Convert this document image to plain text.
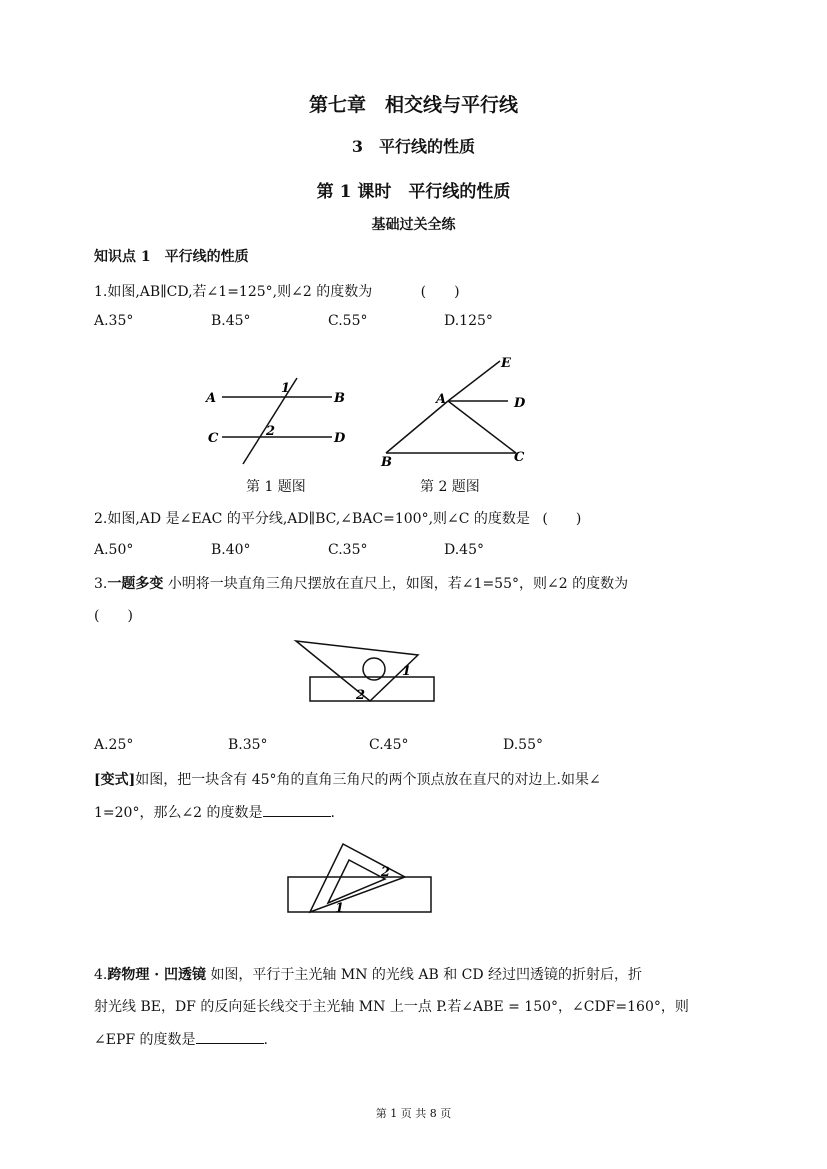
第七章　相交线与平行线
3　平行线的性质
第 1 课时　平行线的性质
基础过关全练
知识点 1　平行线的性质
1.如图,AB∥CD,若∠1=125°,则∠2 的度数为	(　　)
A.35°	B.45°	C.55°	D.125°
A	B
C	D
1
2
第 1 题图
E
A	D
B	C
第 2 题图
2.如图,AD 是∠EAC 的平分线,AD∥BC,∠BAC=100°,则∠C 的度数是 (　　)
A.50°	B.40°	C.35°	D.45°
3.一题多变 小明将一块直角三角尺摆放在直尺上，如图，若∠1=55°，则∠2 的度数为
(　　)
1
2
A.25°	B.35°	C.45°	D.55°
[变式]如图，把一块含有 45°角的直角三角尺的两个顶点放在直尺的对边上.如果∠
1=20°，那么∠2 的度数是	.
2
1
4.跨物理 · 凹透镜 如图，平行于主光轴 MN 的光线 AB 和 CD 经过凹透镜的折射后，折
射光线 BE，DF 的反向延长线交于主光轴 MN 上一点 P.若∠ABE = 150°，∠CDF=160°，则
∠EPF 的度数是	.
第 1 页 共 8 页
